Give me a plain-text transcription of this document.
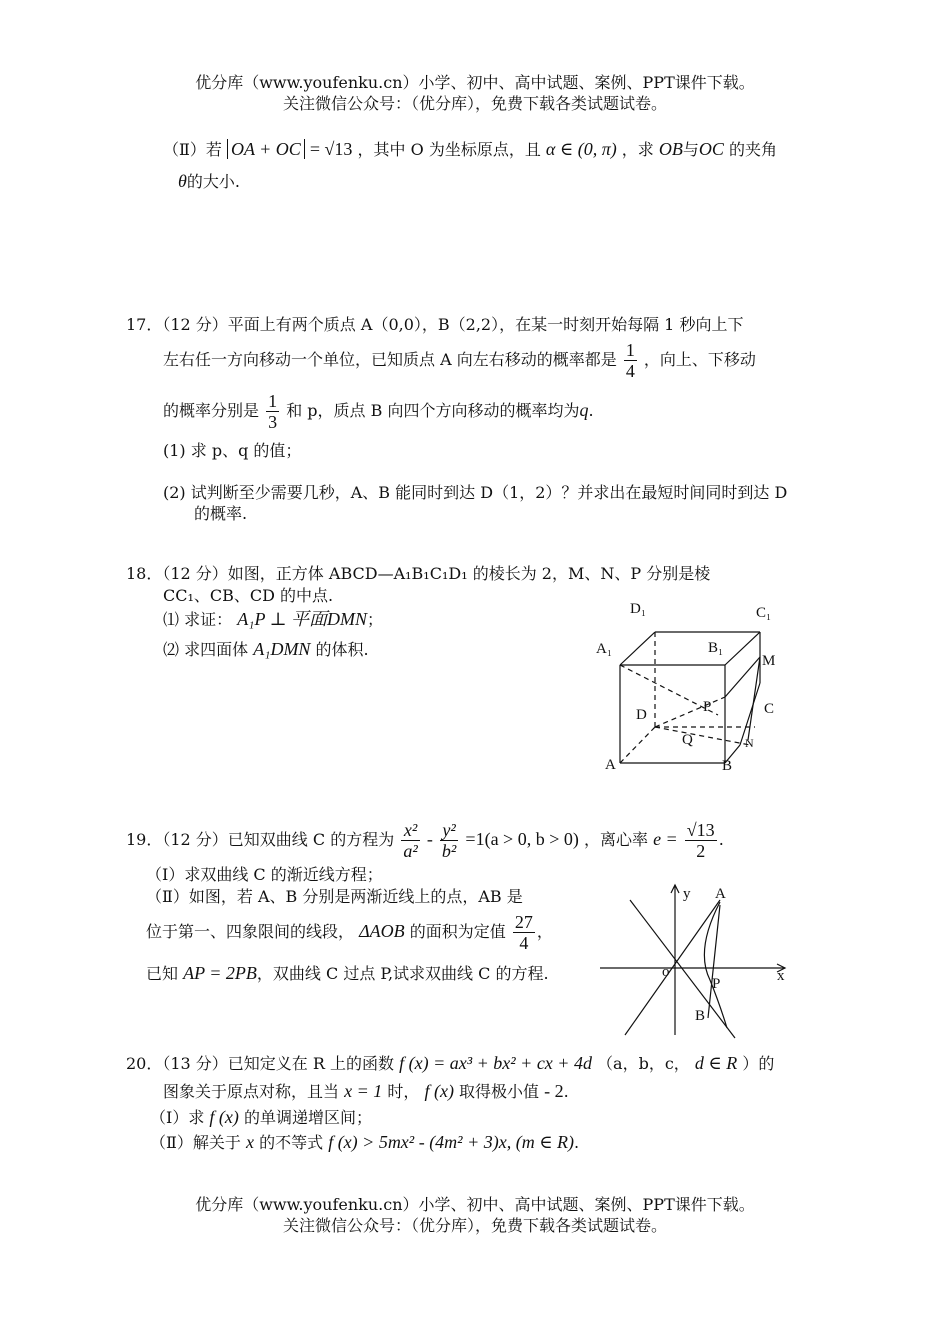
优分库（www.youfenku.cn）小学、初中、高中试题、案例、PPT课件下载。
关注微信公众号：（优分库），免费下载各类试题试卷。
（Ⅱ）若 OA + OC = √13 ，其中 O 为坐标原点，且 α ∈ (0, π) ，求 OB与OC 的夹角
θ的大小.
17．（12 分）平面上有两个质点 A（0,0），B（2,2），在某一时刻开始每隔 1 秒向上下
左右任一方向移动一个单位，已知质点 A 向左右移动的概率都是 $\frac{1}{4}$ ，向上、下移动
的概率分别是 $\frac{1}{3}$ 和 p，质点 B 向四个方向移动的概率均为q.
(1) 求 p、q 的值；
(2) 试判断至少需要几秒，A、B 能同时到达 D（1，2）？并求出在最短时间同时到达 D
的概率.
18．（12 分）如图，正方体 ABCD—A₁B₁C₁D₁ 的棱长为 2，M、N、P 分别是棱
CC₁、CB、CD 的中点.
⑴ 求证： A₁P ⊥ 平面DMN；
⑵ 求四面体 A₁DMN 的体积.
D₁	C₁
A₁	B₁
M
P
D	C
Q	N
A	B
19．（12 分）已知双曲线 C 的方程为 $\frac{\text{x²}}{\text{a²}} - \frac{\text{y²}}{\text{b²}} =1(a > 0$, b > 0) ，离心率 $e = \frac{√13}{2}$ .
（Ⅰ）求双曲线 C 的渐近线方程；
（Ⅱ）如图，若 A、B 分别是两渐近线上的点，AB 是
位于第一、四象限间的线段， ΔAOB 的面积为定值 $\frac{27}{4}$ ，
已知 AP = 2PB，双曲线 C 过点 P,试求双曲线 C 的方程.
y
x
o
A
P
B
20．（13 分）已知定义在 R 上的函数 f (x) = ax³ + bx² + cx + 4d （a，b，c， d ∈ R ）的
图象关于原点对称，且当 x = 1 时， f (x) 取得极小值 - 2.
（Ⅰ）求 f (x) 的单调递增区间；
（Ⅱ）解关于 x 的不等式 f (x) > 5mx² - (4m² + 3)x, (m ∈ R).
优分库（www.youfenku.cn）小学、初中、高中试题、案例、PPT课件下载。
关注微信公众号：（优分库），免费下载各类试题试卷。
